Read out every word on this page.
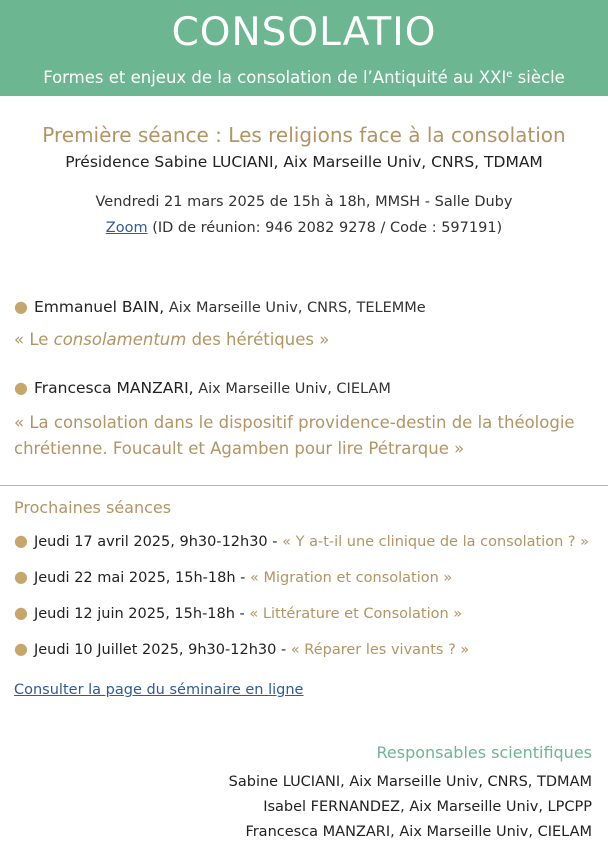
CONSOLATIO
Formes et enjeux de la consolation de l’Antiquité au XXIe siècle
Première séance : Les religions face à la consolation
Présidence Sabine LUCIANI, Aix Marseille Univ, CNRS, TDMAM
Vendredi 21 mars 2025 de 15h à 18h, MMSH - Salle Duby
Zoom (ID de réunion: 946 2082 9278 / Code : 597191)
● Emmanuel BAIN, Aix Marseille Univ, CNRS, TELEMMe
« Le consolamentum des hérétiques »
● Francesca MANZARI, Aix Marseille Univ, CIELAM
« La consolation dans le dispositif providence-destin de la théologie
chrétienne. Foucault et Agamben pour lire Pétrarque »
Prochaines séances
● Jeudi 17 avril 2025, 9h30-12h30 - « Y a-t-il une clinique de la consolation ? »
● Jeudi 22 mai 2025, 15h-18h - « Migration et consolation »
● Jeudi 12 juin 2025, 15h-18h - « Littérature et Consolation »
● Jeudi 10 Juillet 2025, 9h30-12h30 - « Réparer les vivants ? »
Consulter la page du séminaire en ligne
Responsables scientifiques
Sabine LUCIANI, Aix Marseille Univ, CNRS, TDMAM
Isabel FERNANDEZ, Aix Marseille Univ, LPCPP
Francesca MANZARI, Aix Marseille Univ, CIELAM
